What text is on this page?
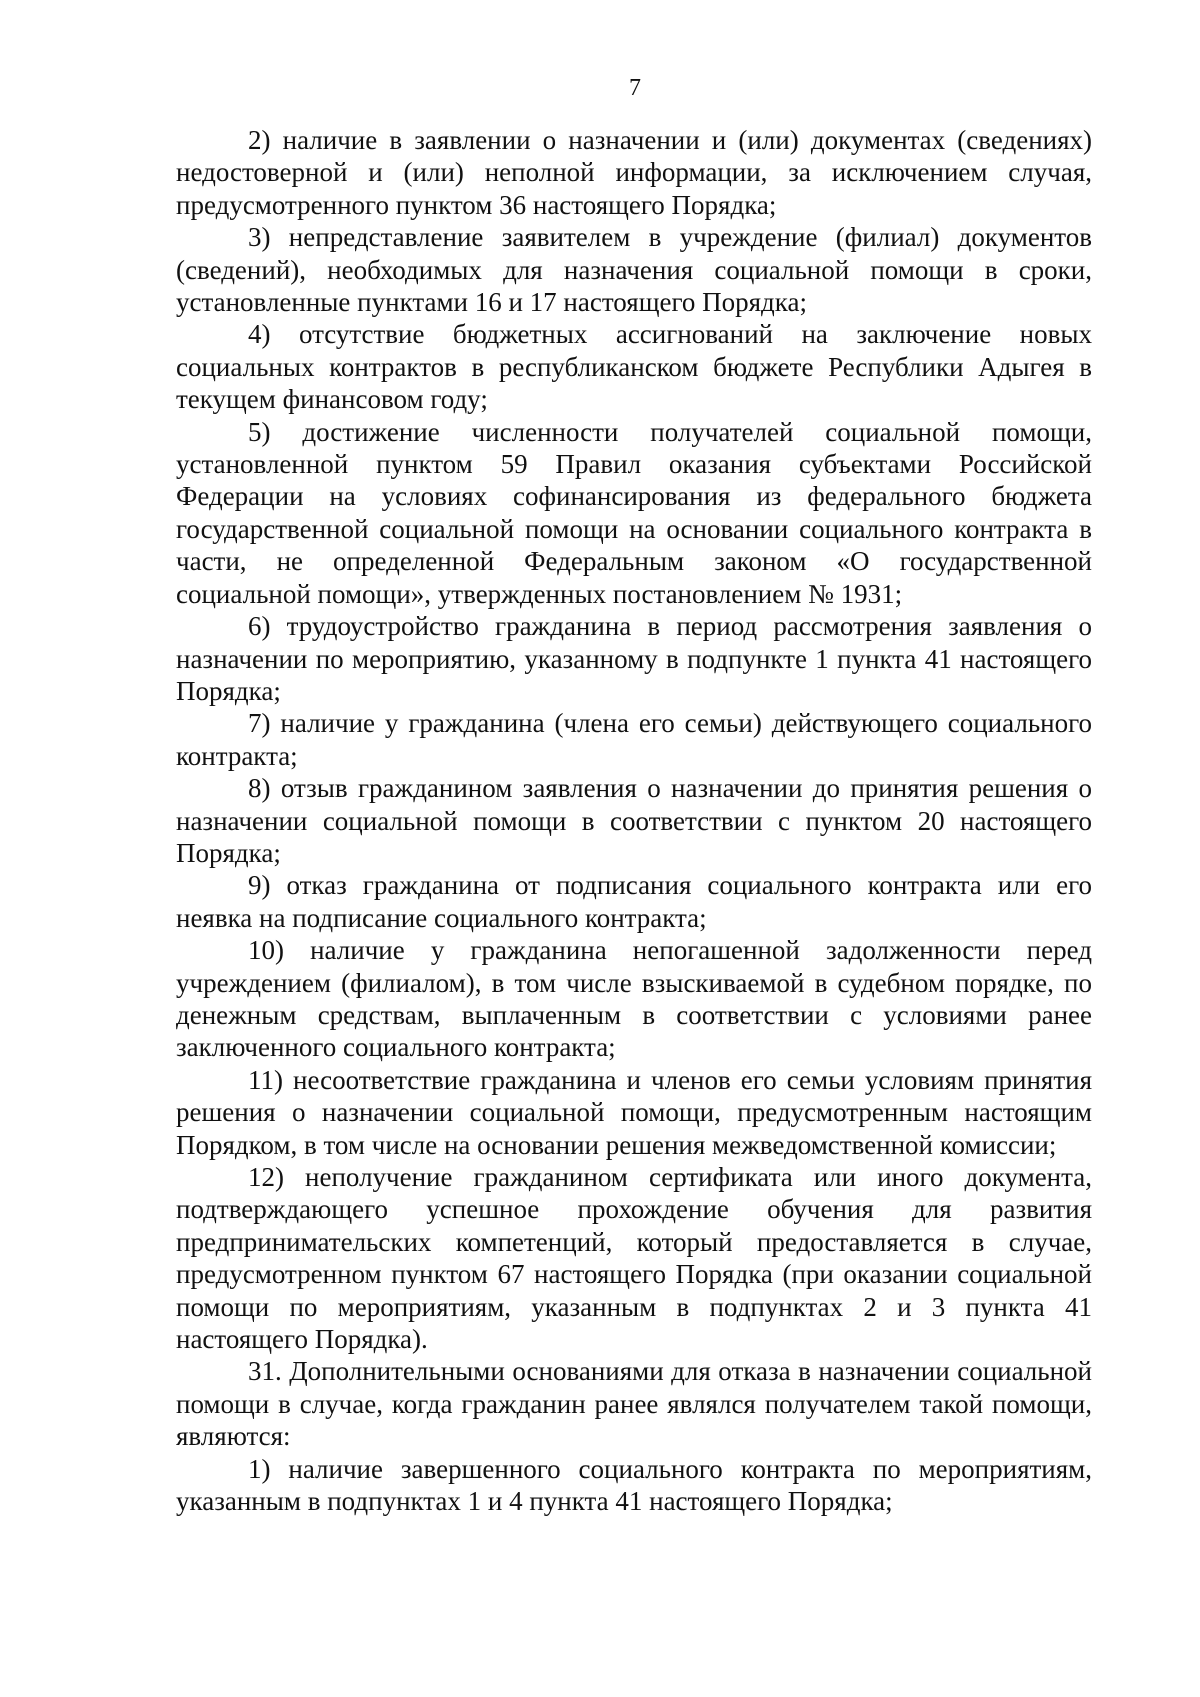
7

2) наличие в заявлении о назначении и (или) документах (сведениях) недостоверной и (или) неполной информации, за исключением случая, предусмотренного пунктом 36 настоящего Порядка;

3) непредставление заявителем в учреждение (филиал) документов (сведений), необходимых для назначения социальной помощи в сроки, установленные пунктами 16 и 17 настоящего Порядка;

4) отсутствие бюджетных ассигнований на заключение новых социальных контрактов в республиканском бюджете Республики Адыгея в текущем финансовом году;

5) достижение численности получателей социальной помощи, установленной пунктом 59 Правил оказания субъектами Российской Федерации на условиях софинансирования из федерального бюджета государственной социальной помощи на основании социального контракта в части, не определенной Федеральным законом «О государственной социальной помощи», утвержденных постановлением № 1931;

6) трудоустройство гражданина в период рассмотрения заявления о назначении по мероприятию, указанному в подпункте 1 пункта 41 настоящего Порядка;

7) наличие у гражданина (члена его семьи) действующего социального контракта;

8) отзыв гражданином заявления о назначении до принятия решения о назначении социальной помощи в соответствии с пунктом 20 настоящего Порядка;

9) отказ гражданина от подписания социального контракта или его неявка на подписание социального контракта;

10) наличие у гражданина непогашенной задолженности перед учреждением (филиалом), в том числе взыскиваемой в судебном порядке, по денежным средствам, выплаченным в соответствии с условиями ранее заключенного социального контракта;

11) несоответствие гражданина и членов его семьи условиям принятия решения о назначении социальной помощи, предусмотренным настоящим Порядком, в том числе на основании решения межведомственной комиссии;

12) неполучение гражданином сертификата или иного документа, подтверждающего успешное прохождение обучения для развития предпринимательских компетенций, который предоставляется в случае, предусмотренном пунктом 67 настоящего Порядка (при оказании социальной помощи по мероприятиям, указанным в подпунктах 2 и 3 пункта 41 настоящего Порядка).

31. Дополнительными основаниями для отказа в назначении социальной помощи в случае, когда гражданин ранее являлся получателем такой помощи, являются:

1) наличие завершенного социального контракта по мероприятиям, указанным в подпунктах 1 и 4 пункта 41 настоящего Порядка;
